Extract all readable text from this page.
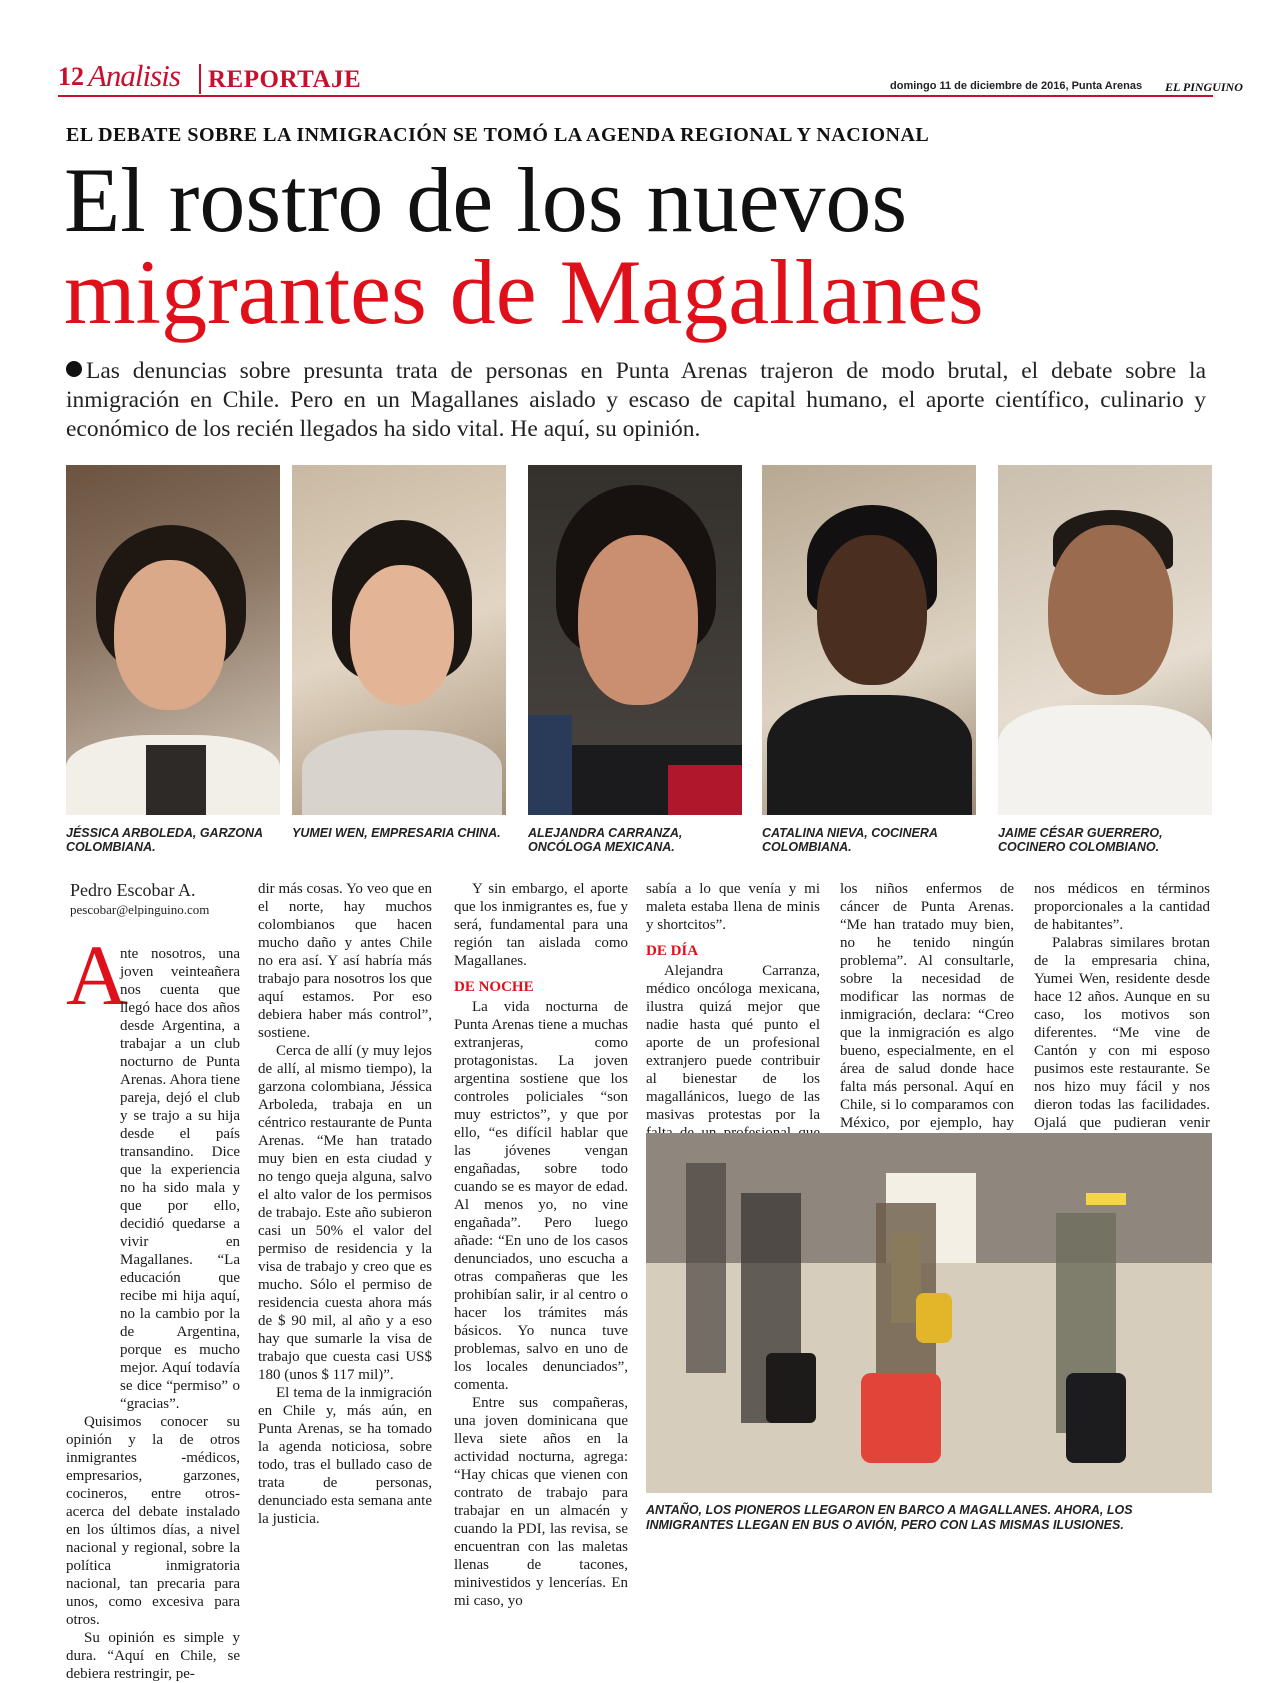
12 Analisis REPORTAJE	domingo 11 de diciembre de 2016, Punta Arenas EL PINGUINO
EL DEBATE SOBRE LA INMIGRACIÓN SE TOMÓ LA AGENDA REGIONAL Y NACIONAL
El rostro de los nuevos
migrantes de Magallanes
Las denuncias sobre presunta trata de personas en Punta Arenas trajeron de modo brutal, el debate sobre la inmigración en Chile. Pero en un Magallanes aislado y escaso de capital humano, el aporte científico, culinario y económico de los recién llegados ha sido vital. He aquí, su opinión.
JÉSSICA ARBOLEDA, GARZONA COLOMBIANA.
YUMEI WEN, EMPRESARIA CHINA.	ALEJANDRA CARRANZA, ONCÓLOGA MEXICANA.
CATALINA NIEVA, COCINERA COLOMBIANA.
JAIME CÉSAR GUERRERO, COCINERO COLOMBIANO.
Pedro Escobar A.
pescobar@elpinguino.com
A

nte nosotros, una joven veinteañera nos cuenta que llegó hace dos años desde Argentina, a trabajar a un club nocturno de Punta Arenas. Ahora tiene pareja, dejó el club y se trajo a su hija desde el país transandino. Dice que la experiencia no ha sido mala y que por ello, decidió quedarse a vivir en Magallanes. “La educación que recibe mi hija aquí, no la cambio por la de Argentina, porque es mucho mejor. Aquí todavía se dice “permiso” o “gracias”.

Quisimos conocer su opinión y la de otros inmigrantes -médicos, empresarios, garzones, cocineros, entre otros- acerca del debate instalado en los últimos días, a nivel nacional y regional, sobre la política inmigratoria nacional, tan precaria para unos, como excesiva para otros.

Su opinión es simple y dura. “Aquí en Chile, se debiera restringir, pe-

dir más cosas. Yo veo que en el norte, hay muchos colombianos que hacen mucho daño y antes Chile no era así. Y así habría más trabajo para nosotros los que aquí estamos. Por eso debiera haber más control”, sostiene.

Cerca de allí (y muy lejos de allí, al mismo tiempo), la garzona colombiana, Jéssica Arboleda, trabaja en un céntrico restaurante de Punta Arenas. “Me han tratado muy bien en esta ciudad y no tengo queja alguna, salvo el alto valor de los permisos de trabajo. Este año subieron casi un 50% el valor del permiso de residencia y la visa de trabajo y creo que es mucho. Sólo el permiso de residencia cuesta ahora más de $ 90 mil, al año y a eso hay que sumarle la visa de trabajo que cuesta casi US$ 180 (unos $ 117 mil)”.

El tema de la inmigración en Chile y, más aún, en Punta Arenas, se ha tomado la agenda noticiosa, sobre todo, tras el bullado caso de trata de personas, denunciado esta semana ante la justicia.

Y sin embargo, el aporte que los inmigrantes es, fue y será, fundamental para una región tan aislada como Magallanes.

DE NOCHE

La vida nocturna de Punta Arenas tiene a muchas extranjeras, como protagonistas. La joven argentina sostiene que los controles policiales “son muy estrictos”, y que por ello, “es difícil hablar que las jóvenes vengan engañadas, sobre todo cuando se es mayor de edad. Al menos yo, no vine engañada”. Pero luego añade: “En uno de los casos denunciados, uno escucha a otras compañeras que les prohibían salir, ir al centro o hacer los trámites más básicos. Yo nunca tuve problemas, salvo en uno de los locales denunciados”, comenta.

Entre sus compañeras, una joven dominicana que lleva siete años en la actividad nocturna, agrega: “Hay chicas que vienen con contrato de trabajo para trabajar en un almacén y cuando la PDI, las revisa, se encuentran con las maletas llenas de tacones, minivestidos y lencerías. En mi caso, yo

sabía a lo que venía y mi maleta estaba llena de minis y shortcitos”.

DE DÍA

Alejandra Carranza, médico oncóloga mexicana, ilustra quizá mejor que nadie hasta qué punto el aporte de un profesional extranjero puede contribuir al bienestar de los magallánicos, luego de las masivas protestas por la

los niños enfermos de cáncer de Punta Arenas. “Me han tratado muy bien, no he tenido ningún problema”. Al consultarle, sobre la necesidad de modificar las normas de inmigración, declara: “Creo que la inmigración es algo bueno, especialmente, en el área de salud donde hace falta más personal. Aquí en Chile, si lo comparamos con México, por ejemplo, hay

nos médicos en términos proporcionales a la cantidad de habitantes”.

Palabras similares brotan de la empresaria china, Yumei Wen, residente desde hace 12 años. Aunque en su caso, los motivos son diferentes. “Me vine de Cantón y con mi esposo pusimos este restaurante. Se nos hizo muy fácil y nos dieron todas las facilidades. Ojalá que pudieran venir

ANTAÑO, LOS PIONEROS LLEGARON EN BARCO A MAGALLANES. AHORA, LOS INMIGRANTES LLEGAN EN BUS O AVIÓN, PERO CON LAS MISMAS ILUSIONES.
